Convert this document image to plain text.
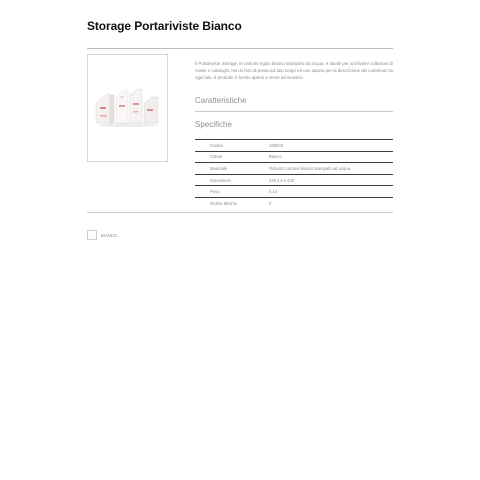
Storage Portariviste Bianco

Il Portariviste Storage, in cartone rigido bianco stampato ad acqua, è ideale per archiviare collezioni di riviste e cataloghi. Ha un foro di presa sul lato lungo ed uno spazio per la descrizione del contenuto su ogni lato. Il prodotto è fornito aperto e viene ad incastro.

Caratteristiche
Specifiche
Codice	16b603
Colore	Bianco
Materiale	Robusto cartone bianco stampato ad acqua
Dimensioni	445 x 8 x 440
Peso	0,14
Ordine Minimo	0
BIANCO
